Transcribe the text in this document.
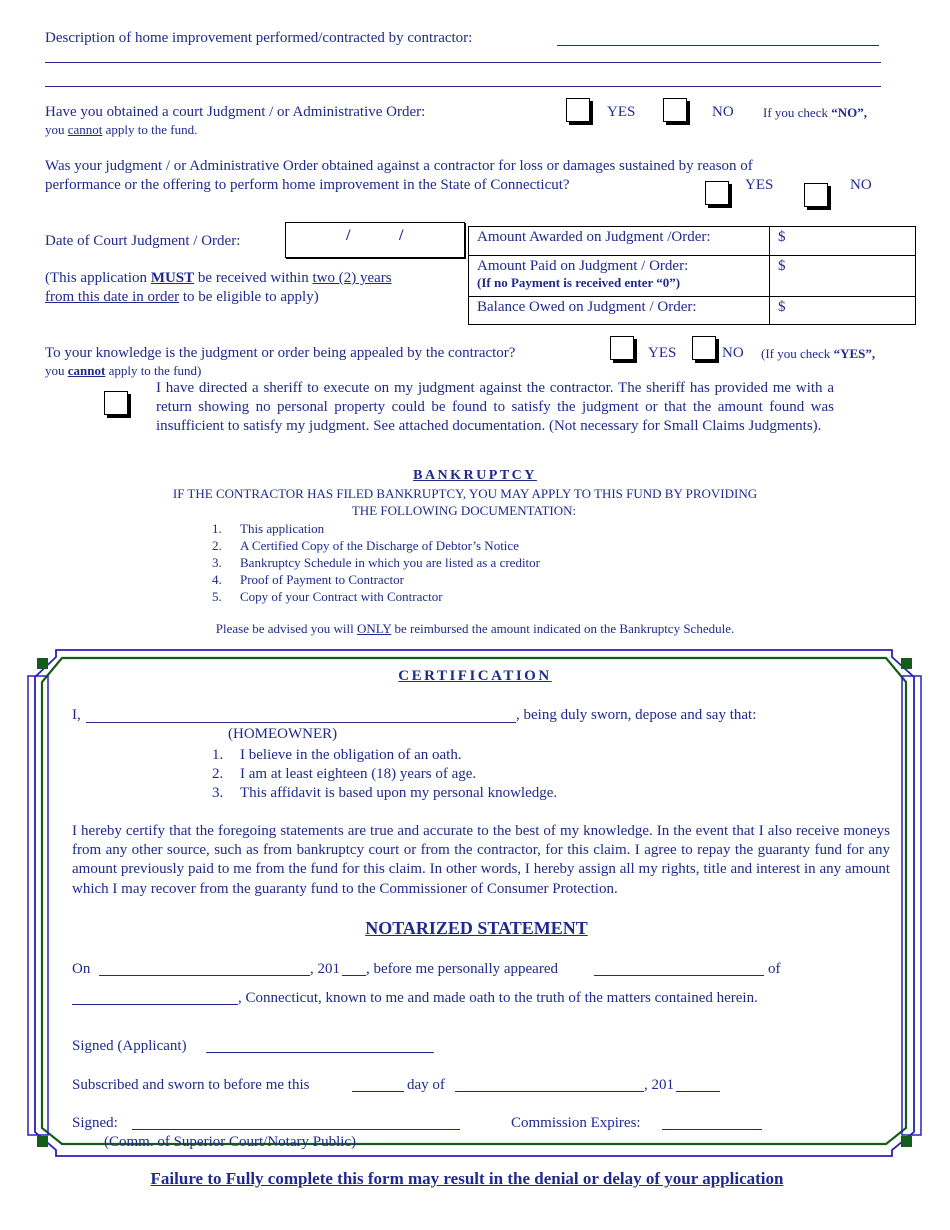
Description of home improvement performed/contracted by contractor:
Have you obtained a court Judgment / or Administrative Order:	YES	NO If you check “NO”,
you cannot apply to the fund.
Was your judgment / or Administrative Order obtained against a contractor for loss or damages sustained by reason of
performance or the offering to perform home improvement in the State of Connecticut?	YES	NO
Date of Court Judgment / Order:	/	/
(This application MUST be received within two (2) years
from this date in order to be eligible to apply)
Amount Awarded on Judgment /Order:	$

Amount Paid on Judgment / Order:
(If no Payment is received enter “0”)	$
Balance Owed on Judgment / Order:	$
To your knowledge is the judgment or order being appealed by the contractor?	YES	NO (If you check “YES”,
you cannot apply to the fund)
I have directed a sheriff to execute on my judgment against the contractor. The sheriff has provided me with a return showing no personal property could be found to satisfy the judgment or that the amount found was insufficient to satisfy my judgment. See attached documentation. (Not necessary for Small Claims Judgments).
BANKRUPTCY
IF THE CONTRACTOR HAS FILED BANKRUPTCY, YOU MAY APPLY TO THIS FUND BY PROVIDING
THE FOLLOWING DOCUMENTATION:
1. This application
2. A Certified Copy of the Discharge of Debtor’s Notice
3. Bankruptcy Schedule in which you are listed as a creditor
4. Proof of Payment to Contractor
5. Copy of your Contract with Contractor
Please be advised you will ONLY be reimbursed the amount indicated on the Bankruptcy Schedule.
CERTIFICATION
I,	, being duly sworn, depose and say that:
(HOMEOWNER)
1. I believe in the obligation of an oath.
2. I am at least eighteen (18) years of age.
3. This affidavit is based upon my personal knowledge.
I hereby certify that the foregoing statements are true and accurate to the best of my knowledge. In the event that I also receive moneys from any other source, such as from bankruptcy court or from the contractor, for this claim. I agree to repay the guaranty fund for any amount previously paid to me from the fund for this claim. In other words, I hereby assign all my rights, title and interest in any amount which I may recover from the guaranty fund to the Commissioner of Consumer Protection.
NOTARIZED STATEMENT
On	, 201 , before me personally appeared	of
, Connecticut, known to me and made oath to the truth of the matters contained herein.
Signed (Applicant)
Subscribed and sworn to before me this	day of	, 201
Signed:	Commission Expires:
(Comm. of Superior Court/Notary Public)
Failure to Fully complete this form may result in the denial or delay of your application
